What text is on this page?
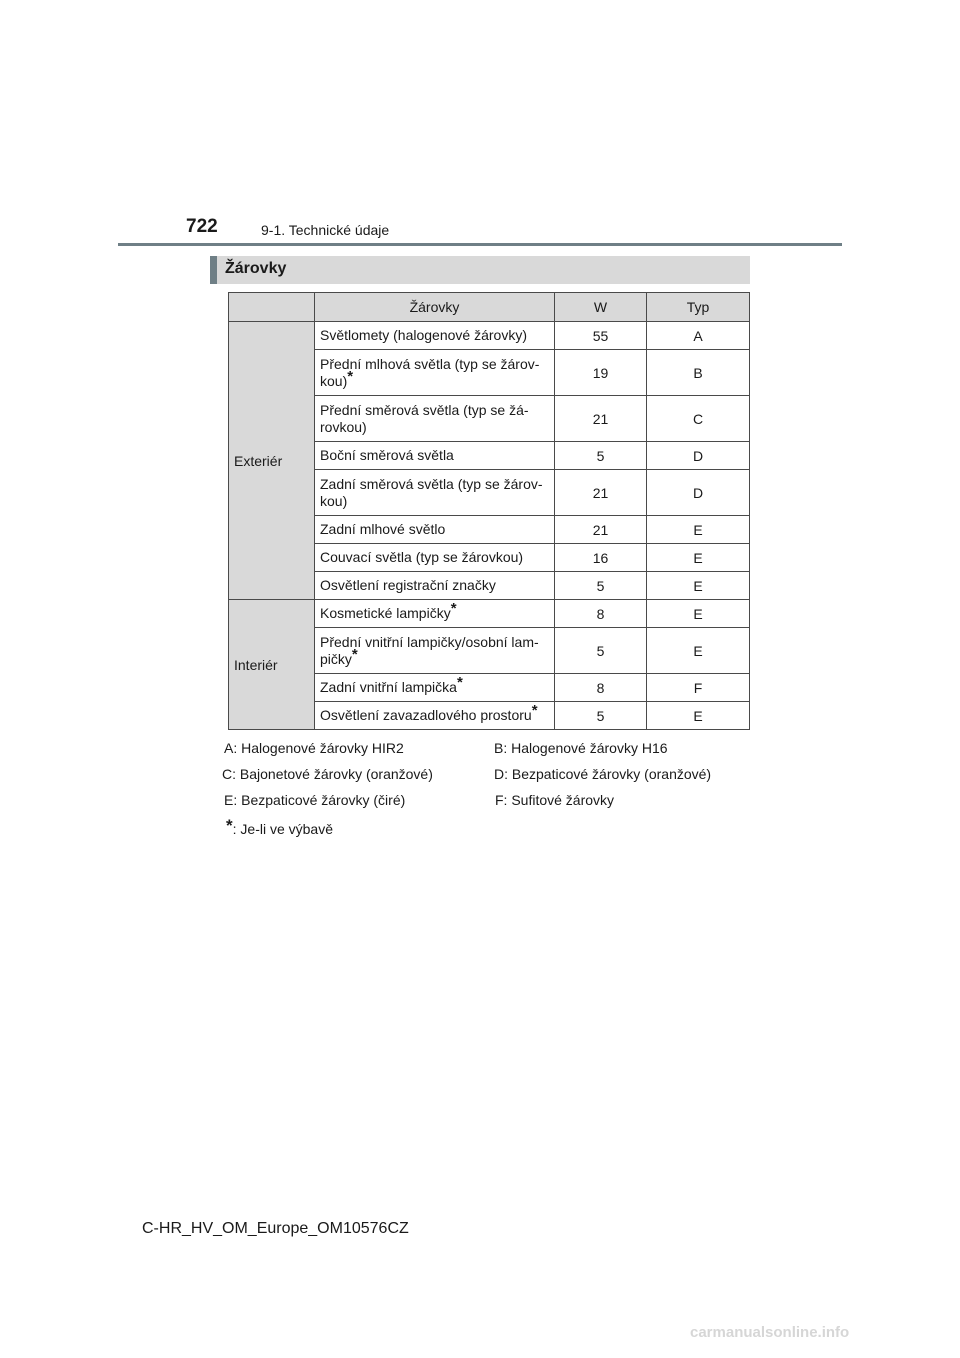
722	9-1. Technické údaje
Žárovky
	Žárovky	W	Typ
Exteriér	Světlomety (halogenové žárovky)	55	A
	Přední mlhová světla (typ se žárov- kou)*	19	B
	Přední směrová světla (typ se žá- rovkou)	21	C
	Boční směrová světla	5	D
	Zadní směrová světla (typ se žárov- kou)	21	D
	Zadní mlhové světlo	21	E
	Couvací světla (typ se žárovkou)	16	E
	Osvětlení registrační značky	5	E
Interiér	Kosmetické lampičky*	8	E
	Přední vnitřní lampičky/osobní lam- pičky*	5	E
	Zadní vnitřní lampička*	8	F
	Osvětlení zavazadlového prostoru*	5	E
A: Halogenové žárovky HIR2	B: Halogenové žárovky H16
C: Bajonetové žárovky (oranžové)	D: Bezpaticové žárovky (oranžové)
E: Bezpaticové žárovky (čiré)	F: Sufitové žárovky
*: Je-li ve výbavě
C-HR_HV_OM_Europe_OM10576CZ
carmanualsonline.info
